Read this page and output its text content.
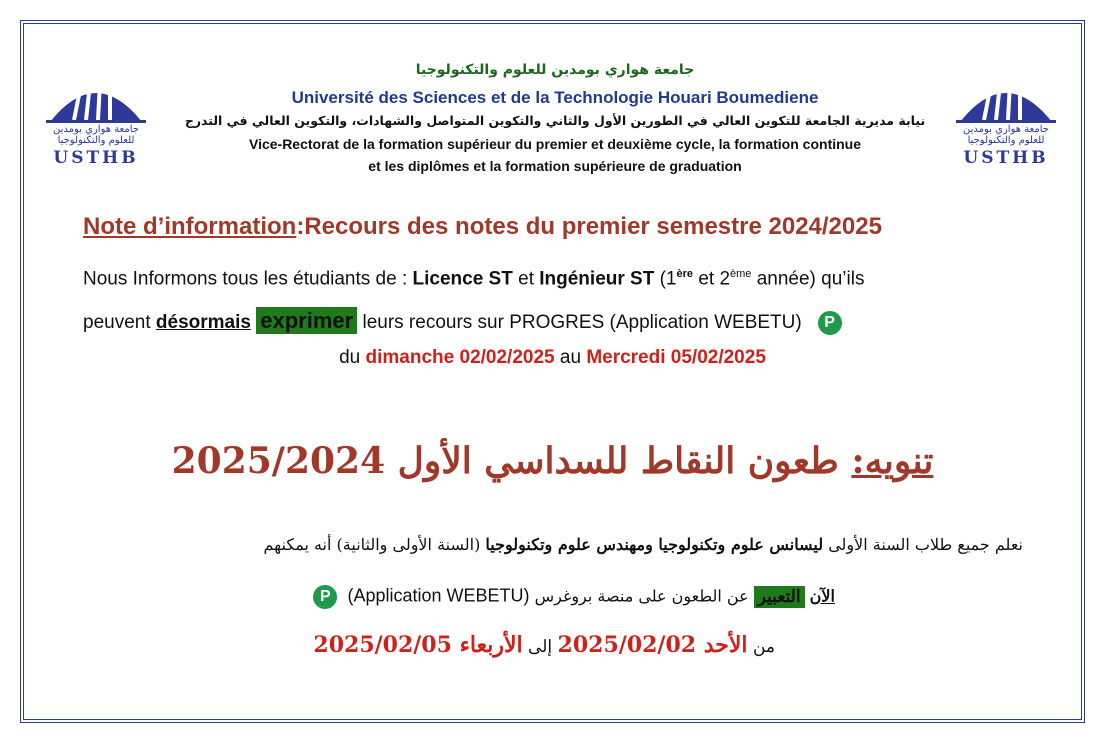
جامعة هواري بومدين للعلوم والتكنولوجيا
USTHB
جامعة هواري بومدين للعلوم والتكنولوجيا
USTHB
جامعة هواري بومدين للعلوم والتكنولوجيا
Université des Sciences et de la Technologie Houari Boumediene
نيابة مديرية الجامعة للتكوين العالي في الطورين الأول والثاني والتكوين المتواصل والشهادات، والتكوين العالي في التدرج
Vice-Rectorat de la formation supérieur du premier et deuxième cycle, la formation continue
et les diplômes et la formation supérieure de graduation
Note d’information:Recours des notes du premier semestre 2024/2025
Nous Informons tous les étudiants de : Licence ST et Ingénieur ST (1ère et 2ème année) qu’ils
peuvent désormais exprimer leurs recours sur PROGRES (Application WEBETU) P
du dimanche 02/02/2025 au Mercredi 05/02/2025
تنويه: طعون النقاط للسداسي الأول 2025/2024
نعلم جميع طلاب السنة الأولى ليسانس علوم وتكنولوجيا ومهندس علوم وتكنولوجيا (السنة الأولى والثانية) أنه يمكنهم
الآن التعبير عن الطعون على منصة بروغرس (Application WEBETU)  P
من الأحد 2025/02/02 إلى الأربعاء 2025/02/05
